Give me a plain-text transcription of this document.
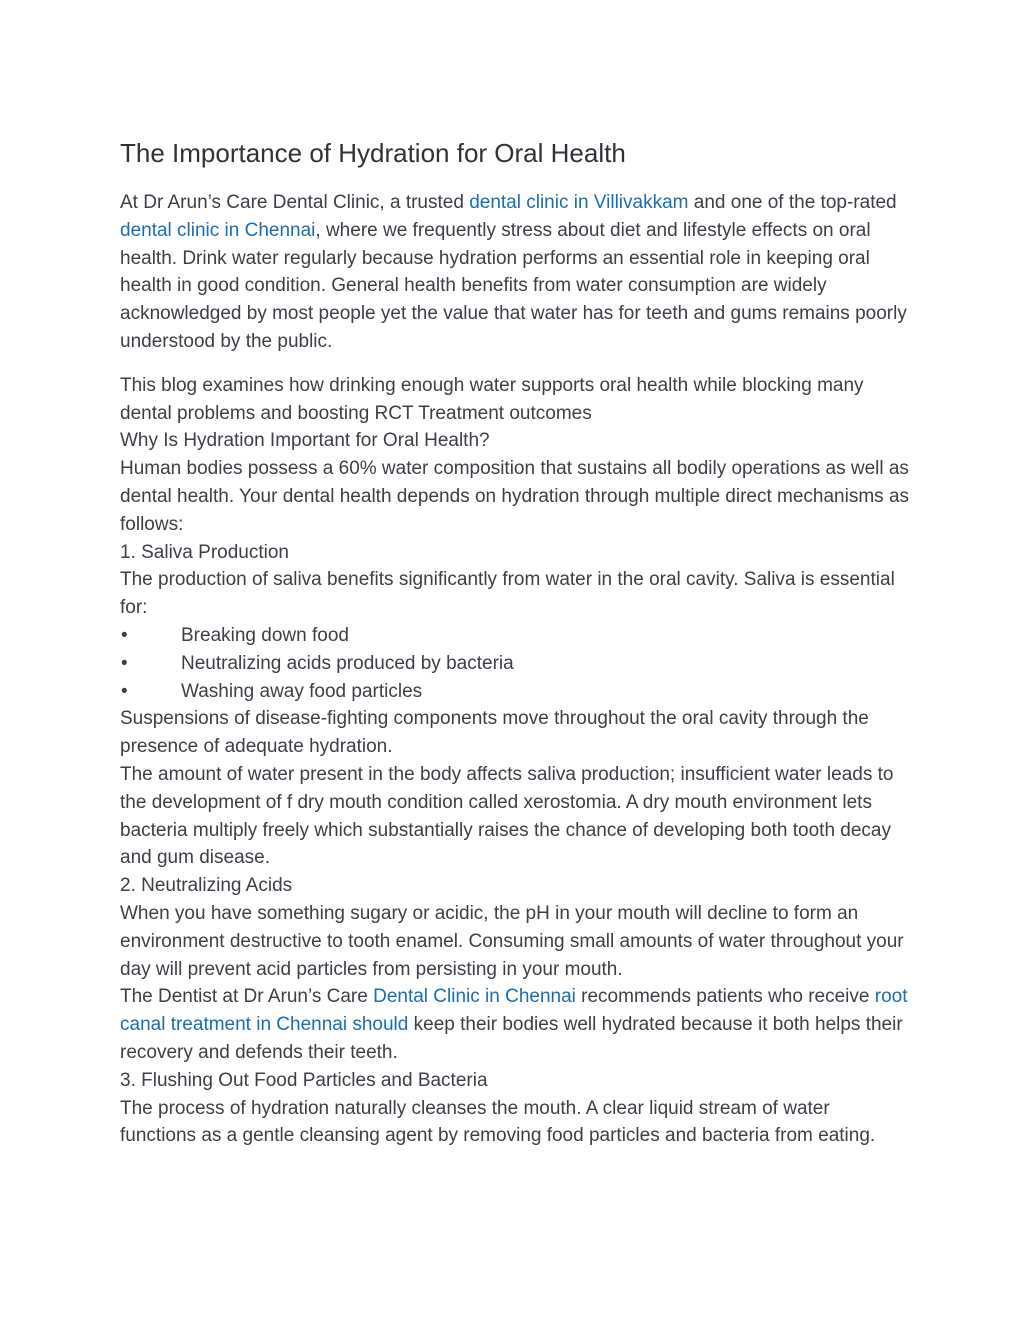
The Importance of Hydration for Oral Health

At Dr Arun’s Care Dental Clinic, a trusted dental clinic in Villivakkam and one of the top-rated dental clinic in Chennai, where we frequently stress about diet and lifestyle effects on oral health. Drink water regularly because hydration performs an essential role in keeping oral health in good condition. General health benefits from water consumption are widely acknowledged by most people yet the value that water has for teeth and gums remains poorly understood by the public.

This blog examines how drinking enough water supports oral health while blocking many dental problems and boosting RCT Treatment outcomes

Why Is Hydration Important for Oral Health?

Human bodies possess a 60% water composition that sustains all bodily operations as well as dental health. Your dental health depends on hydration through multiple direct mechanisms as follows:

1. Saliva Production

The production of saliva benefits significantly from water in the oral cavity. Saliva is essential for:

•	Breaking down food
•	Neutralizing acids produced by bacteria
•	Washing away food particles

Suspensions of disease-fighting components move throughout the oral cavity through the presence of adequate hydration.

The amount of water present in the body affects saliva production; insufficient water leads to the development of f dry mouth condition called xerostomia. A dry mouth environment lets bacteria multiply freely which substantially raises the chance of developing both tooth decay and gum disease.

2. Neutralizing Acids

When you have something sugary or acidic, the pH in your mouth will decline to form an environment destructive to tooth enamel. Consuming small amounts of water throughout your day will prevent acid particles from persisting in your mouth.

The Dentist at Dr Arun’s Care Dental Clinic in Chennai recommends patients who receive root canal treatment in Chennai should keep their bodies well hydrated because it both helps their recovery and defends their teeth.

3. Flushing Out Food Particles and Bacteria

The process of hydration naturally cleanses the mouth. A clear liquid stream of water functions as a gentle cleansing agent by removing food particles and bacteria from eating.
